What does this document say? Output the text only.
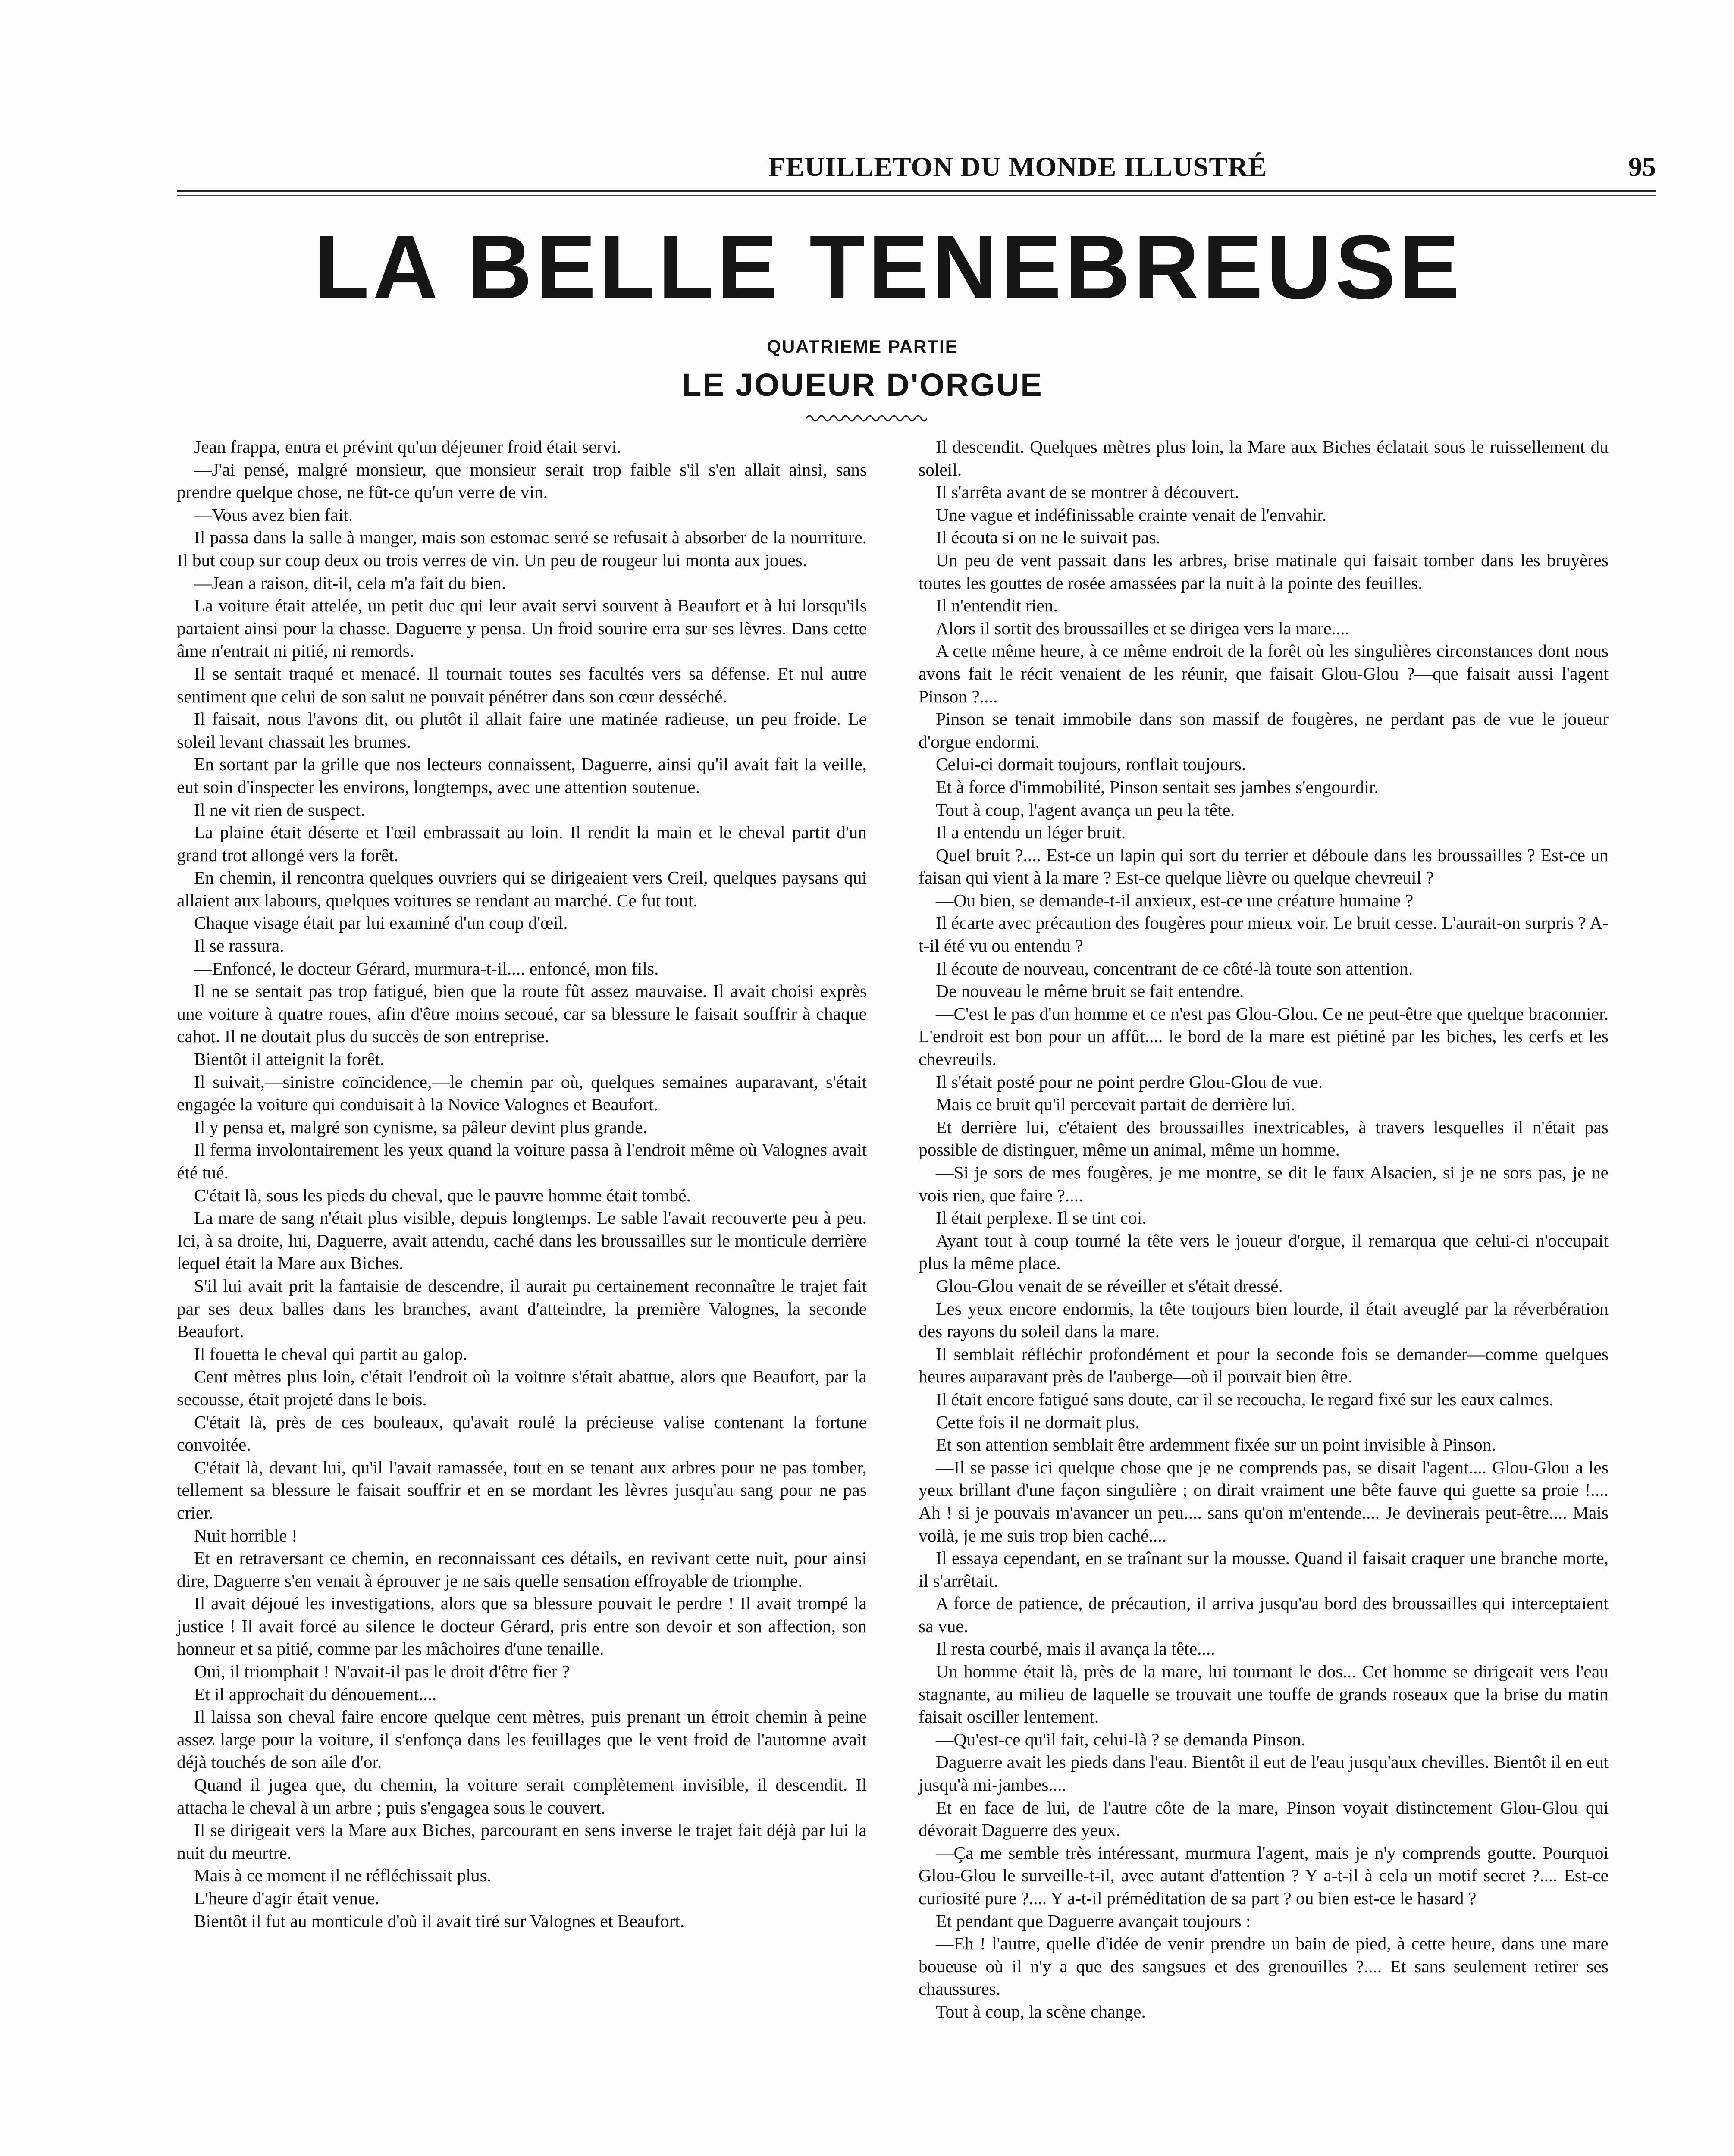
FEUILLETON DU MONDE ILLUSTRÉ	95
LA BELLE TENEBREUSE
QUATRIEME PARTIE
LE JOUEUR D'ORGUE

Jean frappa, entra et prévint qu'un déjeuner froid était servi.

—J'ai pensé, malgré monsieur, que monsieur serait trop faible s'il s'en allait ainsi, sans prendre quelque chose, ne fût-ce qu'un verre de vin.

—Vous avez bien fait.

Il passa dans la salle à manger, mais son estomac serré se refusait à absorber de la nourriture. Il but coup sur coup deux ou trois verres de vin. Un peu de rougeur lui monta aux joues.

—Jean a raison, dit-il, cela m'a fait du bien.

La voiture était attelée, un petit duc qui leur avait servi souvent à Beaufort et à lui lorsqu'ils partaient ainsi pour la chasse. Daguerre y pensa. Un froid sourire erra sur ses lèvres. Dans cette âme n'entrait ni pitié, ni remords.

Il se sentait traqué et menacé. Il tournait toutes ses facultés vers sa défense. Et nul autre sentiment que celui de son salut ne pouvait pénétrer dans son cœur desséché.

Il faisait, nous l'avons dit, ou plutôt il allait faire une matinée radieuse, un peu froide. Le soleil levant chassait les brumes.

En sortant par la grille que nos lecteurs connaissent, Daguerre, ainsi qu'il avait fait la veille, eut soin d'inspecter les environs, longtemps, avec une attention soutenue.

Il ne vit rien de suspect.

La plaine était déserte et l'œil embrassait au loin. Il rendit la main et le cheval partit d'un grand trot allongé vers la forêt.

En chemin, il rencontra quelques ouvriers qui se dirigeaient vers Creil, quelques paysans qui allaient aux labours, quelques voitures se rendant au marché. Ce fut tout.

Chaque visage était par lui examiné d'un coup d'œil.

Il se rassura.

—Enfoncé, le docteur Gérard, murmura-t-il.... enfoncé, mon fils.

Il ne se sentait pas trop fatigué, bien que la route fût assez mauvaise. Il avait choisi exprès une voiture à quatre roues, afin d'être moins secoué, car sa blessure le faisait souffrir à chaque cahot. Il ne doutait plus du succès de son entreprise.

Bientôt il atteignit la forêt.

Il suivait,—sinistre coïncidence,—le chemin par où, quelques semaines auparavant, s'était engagée la voiture qui conduisait à la Novice Valognes et Beaufort.

Il y pensa et, malgré son cynisme, sa pâleur devint plus grande.

Il ferma involontairement les yeux quand la voiture passa à l'endroit même où Valognes avait été tué.

C'était là, sous les pieds du cheval, que le pauvre homme était tombé.

La mare de sang n'était plus visible, depuis longtemps. Le sable l'avait recouverte peu à peu. Ici, à sa droite, lui, Daguerre, avait attendu, caché dans les broussailles sur le monticule derrière lequel était la Mare aux Biches.

S'il lui avait prit la fantaisie de descendre, il aurait pu certainement reconnaître le trajet fait par ses deux balles dans les branches, avant d'atteindre, la première Valognes, la seconde Beaufort.

Il fouetta le cheval qui partit au galop.

Cent mètres plus loin, c'était l'endroit où la voitnre s'était abattue, alors que Beaufort, par la secousse, était projeté dans le bois.

C'était là, près de ces bouleaux, qu'avait roulé la précieuse valise contenant la fortune convoitée.

C'était là, devant lui, qu'il l'avait ramassée, tout en se tenant aux arbres pour ne pas tomber, tellement sa blessure le faisait souffrir et en se mordant les lèvres jusqu'au sang pour ne pas crier.

Nuit horrible !

Et en retraversant ce chemin, en reconnaissant ces détails, en revivant cette nuit, pour ainsi dire, Daguerre s'en venait à éprouver je ne sais quelle sensation effroyable de triomphe.

Il avait déjoué les investigations, alors que sa blessure pouvait le perdre ! Il avait trompé la justice ! Il avait forcé au silence le docteur Gérard, pris entre son devoir et son affection, son honneur et sa pitié, comme par les mâchoires d'une tenaille.

Oui, il triomphait ! N'avait-il pas le droit d'être fier ?

Et il approchait du dénouement....

Il laissa son cheval faire encore quelque cent mètres, puis prenant un étroit chemin à peine assez large pour la voiture, il s'enfonça dans les feuillages que le vent froid de l'automne avait déjà touchés de son aile d'or.

Quand il jugea que, du chemin, la voiture serait complètement invisible, il descendit. Il attacha le cheval à un arbre ; puis s'engagea sous le couvert.

Il se dirigeait vers la Mare aux Biches, parcourant en sens inverse le trajet fait déjà par lui la nuit du meurtre.

Mais à ce moment il ne réfléchissait plus.

L'heure d'agir était venue.

Bientôt il fut au monticule d'où il avait tiré sur Valognes et Beaufort.

Il descendit. Quelques mètres plus loin, la Mare aux Biches éclatait sous le ruissellement du soleil.

Il s'arrêta avant de se montrer à découvert.

Une vague et indéfinissable crainte venait de l'envahir.

Il écouta si on ne le suivait pas.

Un peu de vent passait dans les arbres, brise matinale qui faisait tomber dans les bruyères toutes les gouttes de rosée amassées par la nuit à la pointe des feuilles.

Il n'entendit rien.

Alors il sortit des broussailles et se dirigea vers la mare....

A cette même heure, à ce même endroit de la forêt où les singulières circonstances dont nous avons fait le récit venaient de les réunir, que faisait Glou-Glou ?—que faisait aussi l'agent Pinson ?....

Pinson se tenait immobile dans son massif de fougères, ne perdant pas de vue le joueur d'orgue endormi.

Celui-ci dormait toujours, ronflait toujours.

Et à force d'immobilité, Pinson sentait ses jambes s'engourdir.

Tout à coup, l'agent avança un peu la tête.

Il a entendu un léger bruit.

Quel bruit ?.... Est-ce un lapin qui sort du terrier et déboule dans les broussailles ? Est-ce un faisan qui vient à la mare ? Est-ce quelque lièvre ou quelque chevreuil ?

—Ou bien, se demande-t-il anxieux, est-ce une créature humaine ?

Il écarte avec précaution des fougères pour mieux voir. Le bruit cesse. L'aurait-on surpris ? A-t-il été vu ou entendu ?

Il écoute de nouveau, concentrant de ce côté-là toute son attention.

De nouveau le même bruit se fait entendre.

—C'est le pas d'un homme et ce n'est pas Glou-Glou. Ce ne peut-être que quelque braconnier. L'endroit est bon pour un affût.... le bord de la mare est piétiné par les biches, les cerfs et les chevreuils.

Il s'était posté pour ne point perdre Glou-Glou de vue.

Mais ce bruit qu'il percevait partait de derrière lui.

Et derrière lui, c'étaient des broussailles inextricables, à travers lesquelles il n'était pas possible de distinguer, même un animal, même un homme.

—Si je sors de mes fougères, je me montre, se dit le faux Alsacien, si je ne sors pas, je ne vois rien, que faire ?....

Il était perplexe. Il se tint coi.

Ayant tout à coup tourné la tête vers le joueur d'orgue, il remarqua que celui-ci n'occupait plus la même place.

Glou-Glou venait de se réveiller et s'était dressé.

Les yeux encore endormis, la tête toujours bien lourde, il était aveuglé par la réverbération des rayons du soleil dans la mare.

Il semblait réfléchir profondément et pour la seconde fois se demander—comme quelques heures auparavant près de l'auberge—où il pouvait bien être.

Il était encore fatigué sans doute, car il se recoucha, le regard fixé sur les eaux calmes.

Cette fois il ne dormait plus.

Et son attention semblait être ardemment fixée sur un point invisible à Pinson.

—Il se passe ici quelque chose que je ne comprends pas, se disait l'agent.... Glou-Glou a les yeux brillant d'une façon singulière ; on dirait vraiment une bête fauve qui guette sa proie !.... Ah ! si je pouvais m'avancer un peu.... sans qu'on m'entende.... Je devinerais peut-être.... Mais voilà, je me suis trop bien caché....

Il essaya cependant, en se traînant sur la mousse. Quand il faisait craquer une branche morte, il s'arrêtait.

A force de patience, de précaution, il arriva jusqu'au bord des broussailles qui interceptaient sa vue.

Il resta courbé, mais il avança la tête....

Un homme était là, près de la mare, lui tournant le dos... Cet homme se dirigeait vers l'eau stagnante, au milieu de laquelle se trouvait une touffe de grands roseaux que la brise du matin faisait osciller lentement.

—Qu'est-ce qu'il fait, celui-là ? se demanda Pinson.

Daguerre avait les pieds dans l'eau. Bientôt il eut de l'eau jusqu'aux chevilles. Bientôt il en eut jusqu'à mi-jambes....

Et en face de lui, de l'autre côte de la mare, Pinson voyait distinctement Glou-Glou qui dévorait Daguerre des yeux.

—Ça me semble très intéressant, murmura l'agent, mais je n'y comprends goutte. Pourquoi Glou-Glou le surveille-t-il, avec autant d'attention ? Y a-t-il à cela un motif secret ?.... Est-ce curiosité pure ?.... Y a-t-il préméditation de sa part ? ou bien est-ce le hasard ?

Et pendant que Daguerre avançait toujours :

—Eh ! l'autre, quelle d'idée de venir prendre un bain de pied, à cette heure, dans une mare boueuse où il n'y a que des sangsues et des grenouilles ?.... Et sans seulement retirer ses chaussures.

Tout à coup, la scène change.
